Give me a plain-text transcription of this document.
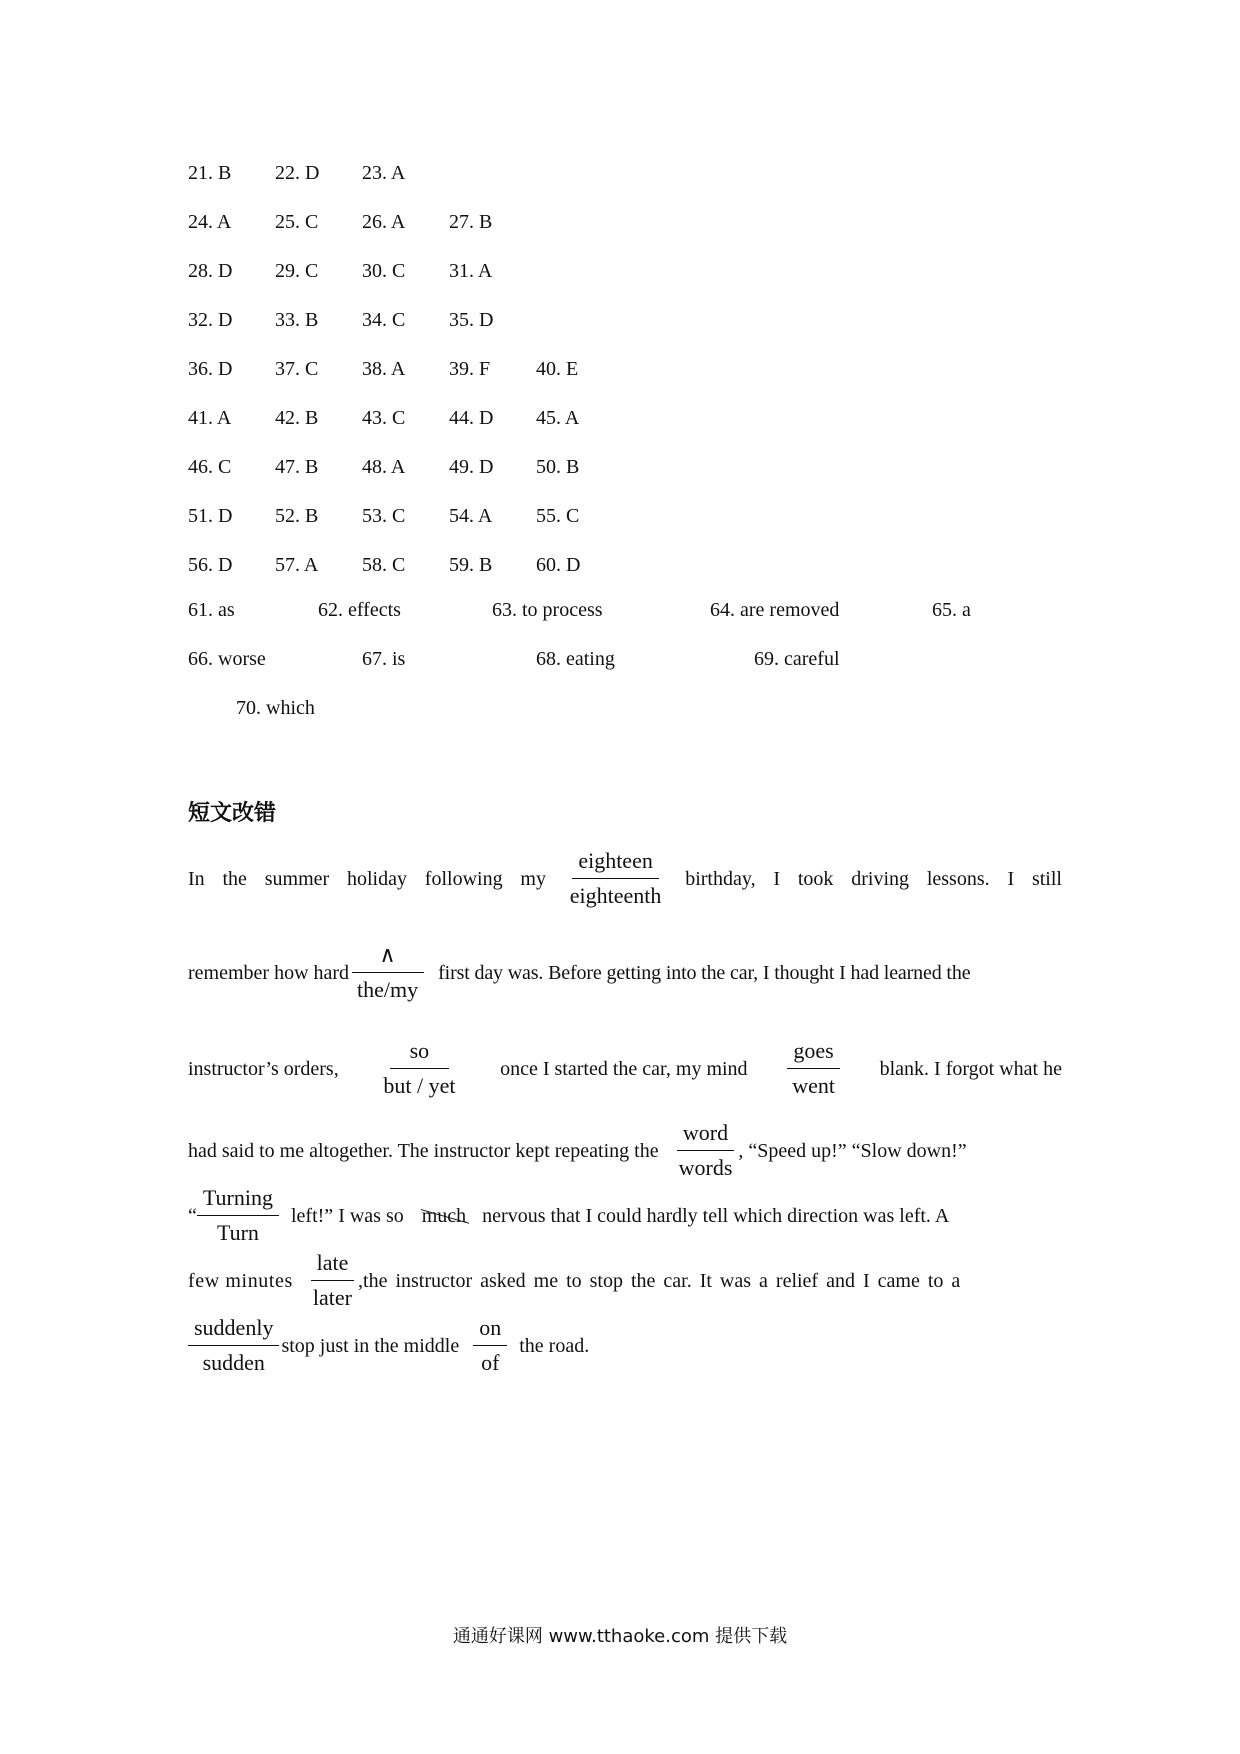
21. B 22. D 23. A
24. A 25. C 26. A 27. B
28. D 29. C 30. C 31. A
32. D 33. B 34. C 35. D
36. D 37. C 38. A 39. F 40. E
41. A 42. B 43. C 44. D 45. A
46. C 47. B 48. A 49. D 50. B
51. D 52. B 53. C 54. A 55. C
56. D 57. A 58. C 59. B 60. D
61. as	62. effects	63. to process	64. are removed	65. a
66. worse	67. is	68. eating	69. careful
70. which
短文改错
In the summer holiday following my $\frac{\text{eighteen}}{\text{eighteenth}}$ birthday, I took driving lessons. I still
remember how hard $\frac{\wedge}{\text{the/my}}$ first day was. Before getting into the car, I thought I had learned the
instructor’s orders, $\frac{so}{\text{but / yet}}$ once I started the car, my mind $\frac{\text{goes}}{\text{went}}$ blank. I forgot what he
had said to me altogether. The instructor kept repeating the $\frac{\text{word}}{\text{words}}$ , “Speed up!” “Slow down!”
“ $\frac{\text{Turning}}{\text{Turn}}$ left!” I was so much nervous that I could hardly tell which direction was left. A
few minutes $\frac{\text{late}}{\text{later}} ,the$ instructor asked me to stop the car. It was a relief and I came to a
$\frac{\text{suddenly}}{\text{sudden}}$ stop just in the middle $\frac{on}{of}$ the road.
通通好课网 www.tthaoke.com 提供下载
